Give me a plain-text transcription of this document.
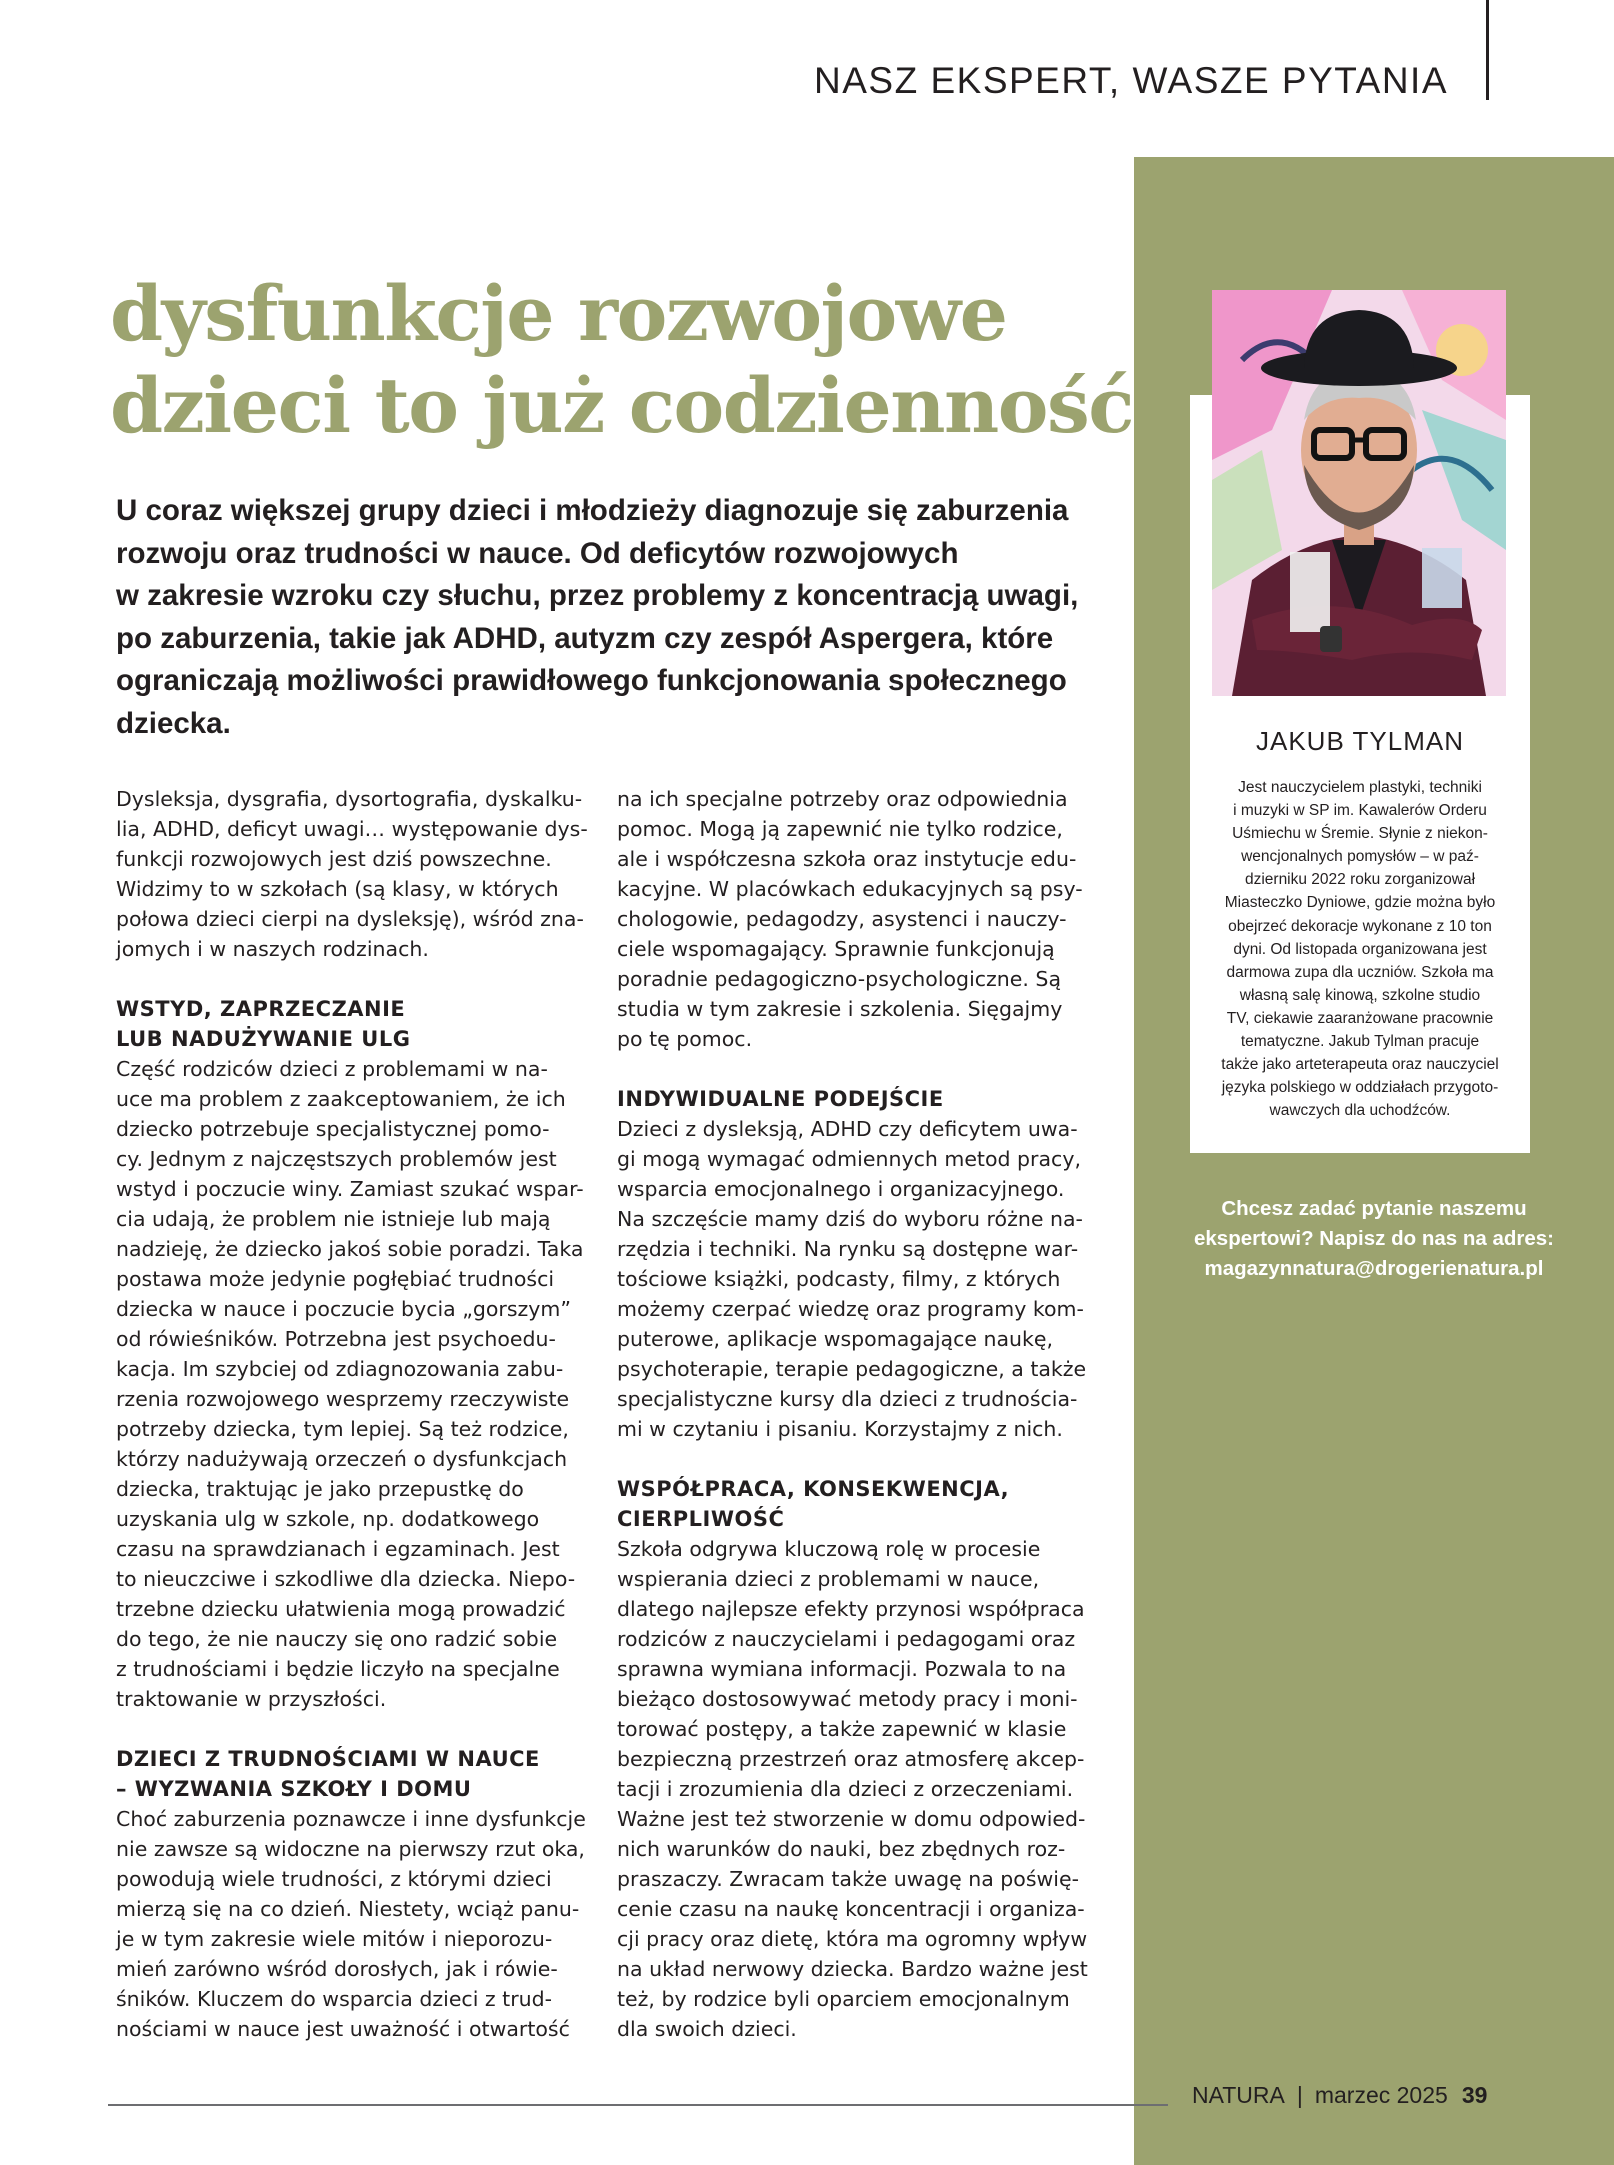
NASZ EKSPERT, WASZE PYTANIA
dysfunkcje rozwojowe
dzieci to już codzienność
U coraz większej grupy dzieci i młodzieży diagnozuje się zaburzenia
rozwoju oraz trudności w nauce. Od deficytów rozwojowych
w zakresie wzroku czy słuchu, przez problemy z koncentracją uwagi,
po zaburzenia, takie jak ADHD, autyzm czy zespół Aspergera, które
ograniczają możliwości prawidłowego funkcjonowania społecznego
dziecka.
Dysleksja, dysgrafia, dysortografia, dyskalku-
lia, ADHD, deficyt uwagi… występowanie dys-
funkcji rozwojowych jest dziś powszechne.
Widzimy to w szkołach (są klasy, w których
połowa dzieci cierpi na dysleksję), wśród zna-
jomych i w naszych rodzinach.
WSTYD, ZAPRZECZANIE
LUB NADUŻYWANIE ULG
Część rodziców dzieci z problemami w na-
uce ma problem z zaakceptowaniem, że ich
dziecko potrzebuje specjalistycznej pomo-
cy. Jednym z najczęstszych problemów jest
wstyd i poczucie winy. Zamiast szukać wspar-
cia udają, że problem nie istnieje lub mają
nadzieję, że dziecko jakoś sobie poradzi. Taka
postawa może jedynie pogłębiać trudności
dziecka w nauce i poczucie bycia „gorszym”
od rówieśników. Potrzebna jest psychoedu-
kacja. Im szybciej od zdiagnozowania zabu-
rzenia rozwojowego wesprzemy rzeczywiste
potrzeby dziecka, tym lepiej. Są też rodzice,
którzy nadużywają orzeczeń o dysfunkcjach
dziecka, traktując je jako przepustkę do
uzyskania ulg w szkole, np. dodatkowego
czasu na sprawdzianach i egzaminach. Jest
to nieuczciwe i szkodliwe dla dziecka. Niepo-
trzebne dziecku ułatwienia mogą prowadzić
do tego, że nie nauczy się ono radzić sobie
z trudnościami i będzie liczyło na specjalne
traktowanie w przyszłości.
DZIECI Z TRUDNOŚCIAMI W NAUCE
– WYZWANIA SZKOŁY I DOMU
Choć zaburzenia poznawcze i inne dysfunkcje
nie zawsze są widoczne na pierwszy rzut oka,
powodują wiele trudności, z którymi dzieci
mierzą się na co dzień. Niestety, wciąż panu-
je w tym zakresie wiele mitów i nieporozu-
mień zarówno wśród dorosłych, jak i rówie-
śników. Kluczem do wsparcia dzieci z trud-
nościami w nauce jest uważność i otwartość
na ich specjalne potrzeby oraz odpowiednia
pomoc. Mogą ją zapewnić nie tylko rodzice,
ale i współczesna szkoła oraz instytucje edu-
kacyjne. W placówkach edukacyjnych są psy-
chologowie, pedagodzy, asystenci i nauczy-
ciele wspomagający. Sprawnie funkcjonują
poradnie pedagogiczno-psychologiczne. Są
studia w tym zakresie i szkolenia. Sięgajmy
po tę pomoc.
INDYWIDUALNE PODEJŚCIE
Dzieci z dysleksją, ADHD czy deficytem uwa-
gi mogą wymagać odmiennych metod pracy,
wsparcia emocjonalnego i organizacyjnego.
Na szczęście mamy dziś do wyboru różne na-
rzędzia i techniki. Na rynku są dostępne war-
tościowe książki, podcasty, filmy, z których
możemy czerpać wiedzę oraz programy kom-
puterowe, aplikacje wspomagające naukę,
psychoterapie, terapie pedagogiczne, a także
specjalistyczne kursy dla dzieci z trudnościa-
mi w czytaniu i pisaniu. Korzystajmy z nich.
WSPÓŁPRACA, KONSEKWENCJA,
CIERPLIWOŚĆ
Szkoła odgrywa kluczową rolę w procesie
wspierania dzieci z problemami w nauce,
dlatego najlepsze efekty przynosi współpraca
rodziców z nauczycielami i pedagogami oraz
sprawna wymiana informacji. Pozwala to na
bieżąco dostosowywać metody pracy i moni-
torować postępy, a także zapewnić w klasie
bezpieczną przestrzeń oraz atmosferę akcep-
tacji i zrozumienia dla dzieci z orzeczeniami.
Ważne jest też stworzenie w domu odpowied-
nich warunków do nauki, bez zbędnych roz-
praszaczy. Zwracam także uwagę na poświę-
cenie czasu na naukę koncentracji i organiza-
cji pracy oraz dietę, która ma ogromny wpływ
na układ nerwowy dziecka. Bardzo ważne jest
też, by rodzice byli oparciem emocjonalnym
dla swoich dzieci.
JAKUB TYLMAN
Jest nauczycielem plastyki, techniki
i muzyki w SP im. Kawalerów Orderu
Uśmiechu w Śremie. Słynie z niekon-
wencjonalnych pomysłów – w paź-
dzierniku 2022 roku zorganizował
Miasteczko Dyniowe, gdzie można było
obejrzeć dekoracje wykonane z 10 ton
dyni. Od listopada organizowana jest
darmowa zupa dla uczniów. Szkoła ma
własną salę kinową, szkolne studio
TV, ciekawie zaaranżowane pracownie
tematyczne. Jakub Tylman pracuje
także jako arteterapeuta oraz nauczyciel
języka polskiego w oddziałach przygoto-
wawczych dla uchodźców.
Chcesz zadać pytanie naszemu
ekspertowi? Napisz do nas na adres:
magazynnatura@drogerienatura.pl
NATURA | marzec 2025 39
